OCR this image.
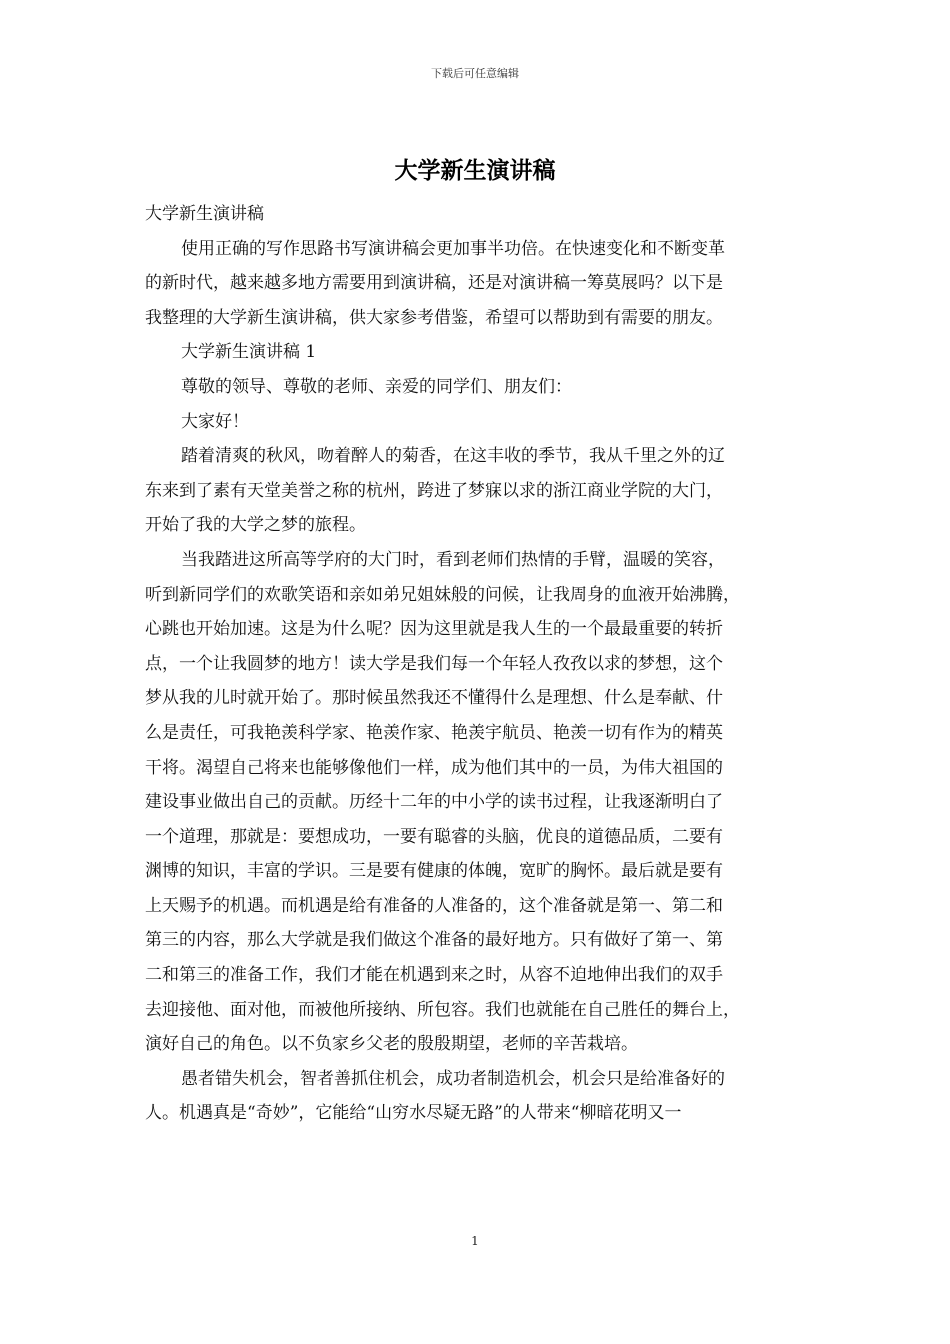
下载后可任意编辑
大学新生演讲稿
大学新生演讲稿
使用正确的写作思路书写演讲稿会更加事半功倍。在快速变化和不断变革
的新时代，越来越多地方需要用到演讲稿，还是对演讲稿一筹莫展吗？以下是
我整理的大学新生演讲稿，供大家参考借鉴，希望可以帮助到有需要的朋友。
大学新生演讲稿 1
尊敬的领导、尊敬的老师、亲爱的同学们、朋友们：
大家好！
踏着清爽的秋风，吻着醉人的菊香，在这丰收的季节，我从千里之外的辽
东来到了素有天堂美誉之称的杭州，跨进了梦寐以求的浙江商业学院的大门，
开始了我的大学之梦的旅程。
当我踏进这所高等学府的大门时，看到老师们热情的手臂，温暖的笑容，
听到新同学们的欢歌笑语和亲如弟兄姐妹般的问候，让我周身的血液开始沸腾，
心跳也开始加速。这是为什么呢？因为这里就是我人生的一个最最重要的转折
点，一个让我圆梦的地方！读大学是我们每一个年轻人孜孜以求的梦想，这个
梦从我的儿时就开始了。那时候虽然我还不懂得什么是理想、什么是奉献、什
么是责任，可我艳羡科学家、艳羡作家、艳羡宇航员、艳羡一切有作为的精英
干将。渴望自己将来也能够像他们一样，成为他们其中的一员，为伟大祖国的
建设事业做出自己的贡献。历经十二年的中小学的读书过程，让我逐渐明白了
一个道理，那就是：要想成功，一要有聪睿的头脑，优良的道德品质，二要有
渊博的知识，丰富的学识。三是要有健康的体魄，宽旷的胸怀。最后就是要有
上天赐予的机遇。而机遇是给有准备的人准备的，这个准备就是第一、第二和
第三的内容，那么大学就是我们做这个准备的最好地方。只有做好了第一、第
二和第三的准备工作，我们才能在机遇到来之时，从容不迫地伸出我们的双手
去迎接他、面对他，而被他所接纳、所包容。我们也就能在自己胜任的舞台上，
演好自己的角色。以不负家乡父老的殷殷期望，老师的辛苦栽培。
愚者错失机会，智者善抓住机会，成功者制造机会，机会只是给准备好的
人。机遇真是“奇妙”，它能给“山穷水尽疑无路”的人带来“柳暗花明又一
1
